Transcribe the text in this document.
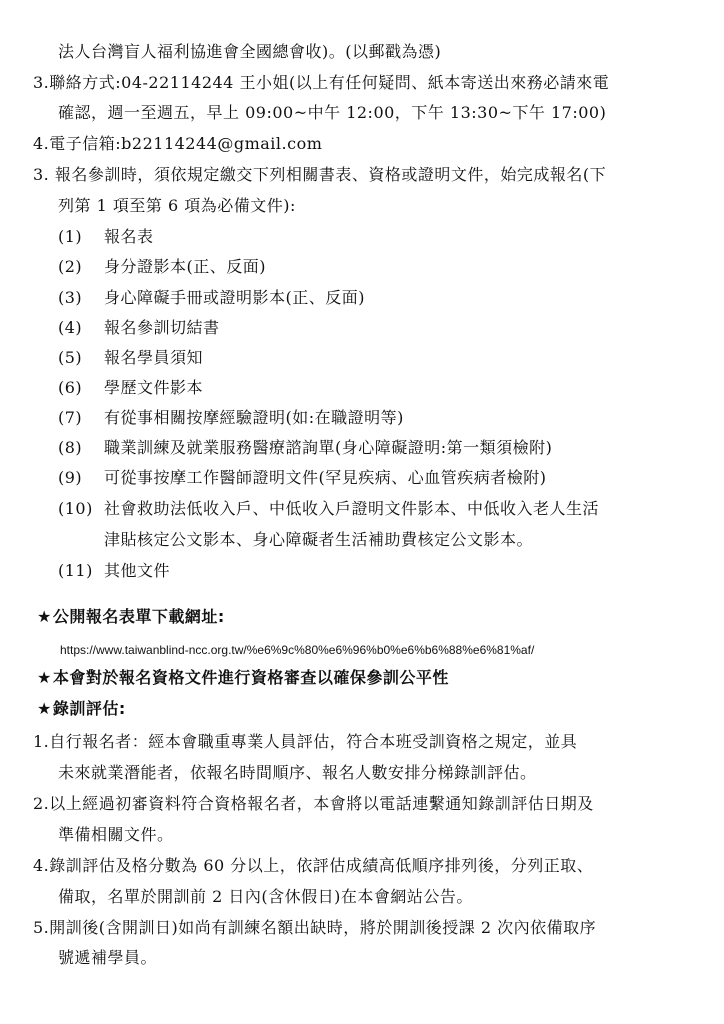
法人台灣盲人福利協進會全國總會收)。(以郵戳為憑)
3.聯絡方式:04-22114244 王小姐(以上有任何疑問、紙本寄送出來務必請來電
確認，週一至週五，早上 09:00~中午 12:00，下午 13:30~下午 17:00)
4.電子信箱:b22114244@gmail.com
3. 報名參訓時，須依規定繳交下列相關書表、資格或證明文件，始完成報名(下
列第 1 項至第 6 項為必備文件):
(1) 報名表
(2) 身分證影本(正、反面)
(3) 身心障礙手冊或證明影本(正、反面)
(4) 報名參訓切結書
(5) 報名學員須知
(6) 學歷文件影本
(7) 有從事相關按摩經驗證明(如:在職證明等)
(8) 職業訓練及就業服務醫療諮詢單(身心障礙證明:第一類須檢附)
(9) 可從事按摩工作醫師證明文件(罕見疾病、心血管疾病者檢附)
(10) 社會救助法低收入戶、中低收入戶證明文件影本、中低收入老人生活
津貼核定公文影本、身心障礙者生活補助費核定公文影本。
(11) 其他文件
★公開報名表單下載網址:
https://www.taiwanblind-ncc.org.tw/%e6%9c%80%e6%96%b0%e6%b6%88%e6%81%af/
★本會對於報名資格文件進行資格審查以確保參訓公平性
★錄訓評估:
1.自行報名者：經本會職重專業人員評估，符合本班受訓資格之規定，並具
未來就業潛能者，依報名時間順序、報名人數安排分梯錄訓評估。
2.以上經過初審資料符合資格報名者，本會將以電話連繫通知錄訓評估日期及
準備相關文件。
4.錄訓評估及格分數為 60 分以上，依評估成績高低順序排列後，分列正取、
備取，名單於開訓前 2 日內(含休假日)在本會網站公告。
5.開訓後(含開訓日)如尚有訓練名額出缺時，將於開訓後授課 2 次內依備取序
號遞補學員。
